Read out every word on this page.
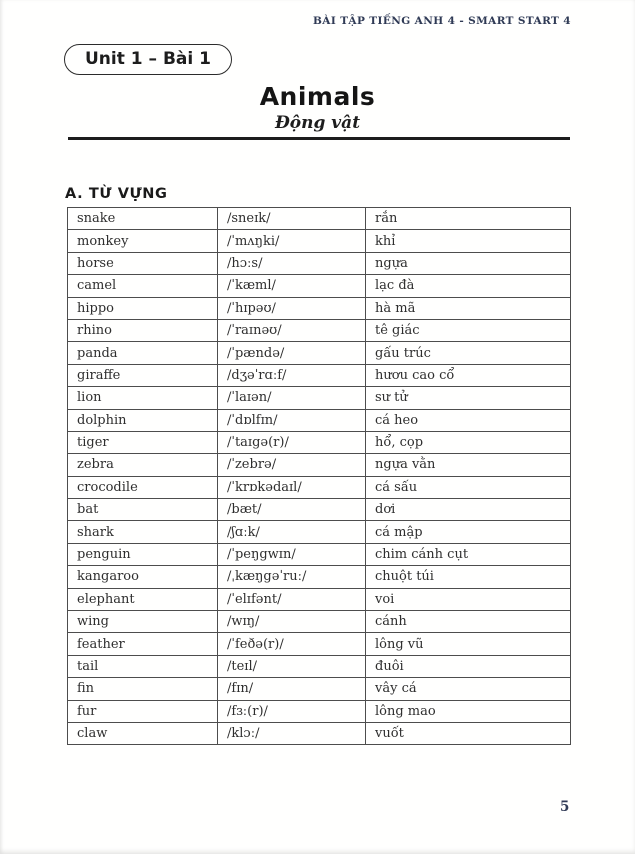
BÀI TẬP TIẾNG ANH 4 - SMART START 4
Unit 1 – Bài 1
Animals
Động vật
A. TỪ VỰNG
snake	/sneɪk/	rắn
monkey	/ˈmʌŋki/	khỉ
horse	/hɔːs/	ngựa
camel	/ˈkæml/	lạc đà
hippo	/ˈhɪpəʊ/	hà mã
rhino	/ˈraɪnəʊ/	tê giác
panda	/ˈpændə/	gấu trúc
giraffe	/dʒəˈrɑːf/	hươu cao cổ
lion	/ˈlaɪən/	sư tử
dolphin	/ˈdɒlfɪn/	cá heo
tiger	/ˈtaɪgə(r)/	hổ, cọp
zebra	/ˈzebrə/	ngựa vằn
crocodile	/ˈkrɒkədaɪl/	cá sấu
bat	/bæt/	dơi
shark	/ʃɑːk/	cá mập
penguin	/ˈpeŋgwɪn/	chim cánh cụt
kangaroo	/ˌkæŋgəˈruː/	chuột túi
elephant	/ˈelɪfənt/	voi
wing	/wɪŋ/	cánh
feather	/ˈfeðə(r)/	lông vũ
tail	/teɪl/	đuôi
fin	/fɪn/	vây cá
fur	/fɜː(r)/	lông mao
claw	/klɔː/	vuốt
5
